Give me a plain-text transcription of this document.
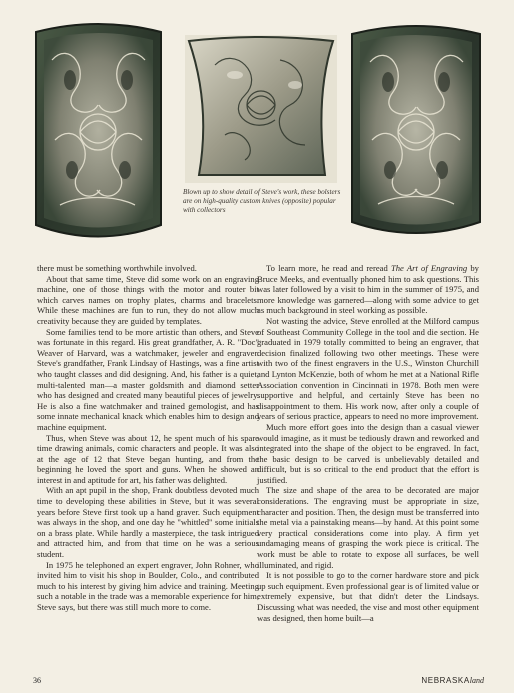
Blown up to show detail of Steve's work, these bolsters are on high-quality custom knives (opposite) popular with collectors

there must be something worthwhile involved.

About that same time, Steve did some work on an engraving machine, one of those things with the motor and router bit which carves names on trophy plates, charms and bracelets. While these machines are fun to run, they do not allow much creativity because they are guided by templates.

Some families tend to be more artistic than others, and Steve was fortunate in this regard. His great grandfather, A. R. "Doc" Weaver of Harvard, was a watchmaker, jeweler and engraver. Steve's grandfather, Frank Lindsay of Hastings, was a fine artist who taught classes and did designing. And, his father is a quiet, multi-talented man—a master goldsmith and diamond setter who has designed and created many beautiful pieces of jewelry. He is also a fine watchmaker and trained gemologist, and has some innate mechanical knack which enables him to design and machine equipment.

Thus, when Steve was about 12, he spent much of his spare time drawing animals, comic characters and people. It was also at the age of 12 that Steve began hunting, and from the beginning he loved the sport and guns. When he showed an interest in and aptitude for art, his father was delighted.

With an apt pupil in the shop, Frank doubtless devoted much time to developing these abilities in Steve, but it was several years before Steve first took up a hand graver. Such equipment was always in the shop, and one day he "whittled" some initials on a brass plate. While hardly a masterpiece, the task intrigued and attracted him, and from that time on he was a serious student.

In 1975 he telephoned an expert engraver, John Rohner, who invited him to visit his shop in Boulder, Colo., and contributed much to his interest by giving him advice and training. Meeting such a notable in the trade was a memorable experience for him, Steve says, but there was still much more to come.

To learn more, he read and reread The Art of Engraving by Bruce Meeks, and eventually phoned him to ask questions. This was later followed by a visit to him in the summer of 1975, and more knowledge was garnered—along with some advice to get as much background in steel working as possible.

Not wasting the advice, Steve enrolled at the Milford campus of Southeast Community College in the tool and die section. He graduated in 1979 totally committed to being an engraver, that decision finalized following two other meetings. These were with two of the finest engravers in the U.S., Winston Churchill and Lynton McKenzie, both of whom he met at a National Rifle Association convention in Cincinnati in 1978. Both men were supportive and helpful, and certainly Steve has been no disappointment to them. His work now, after only a couple of years of serious practice, appears to need no more improvement.

Much more effort goes into the design than a casual viewer would imagine, as it must be tediously drawn and reworked and integrated into the shape of the object to be engraved. In fact, the basic design to be carved is unbelievably detailed and difficult, but is so critical to the end product that the effort is justified.

The size and shape of the area to be decorated are major considerations. The engraving must be appropriate in size, character and position. Then, the design must be transferred into the metal via a painstaking means—by hand. At this point some very practical considerations come into play. A firm yet undamaging means of grasping the work piece is critical. The work must be able to rotate to expose all surfaces, be well illuminated, and rigid.

It is not possible to go to the corner hardware store and pick up such equipment. Even professional gear is of limited value or extremely expensive, but that didn't deter the Lindsays. Discussing what was needed, the vise and most other equipment was designed, then home built—a

36	NEBRASKAland
